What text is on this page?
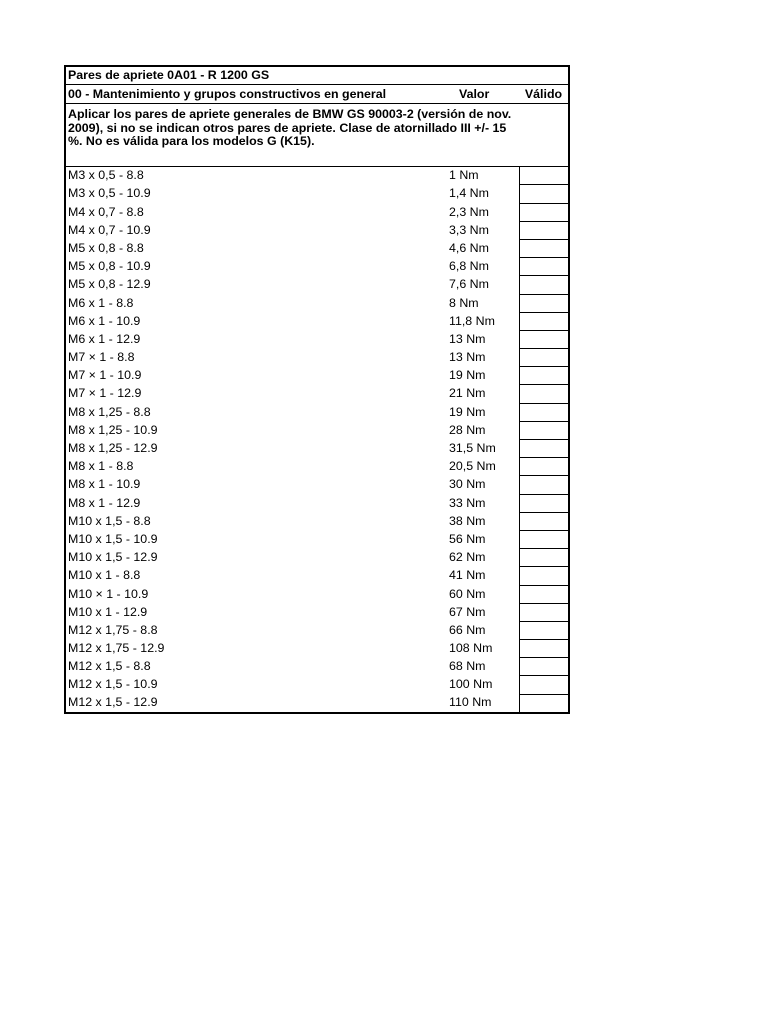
Pares de apriete 0A01 - R 1200 GS		
00 - Mantenimiento y grupos constructivos en general	Valor	Válido
Aplicar los pares de apriete generales de BMW GS 90003-2 (versión de nov. 2009), si no se indican otros pares de apriete. Clase de atornillado III +/- 15 %. No es válida para los modelos G (K15).		
M3 x 0,5 - 8.8	1 Nm	
M3 x 0,5 - 10.9	1,4 Nm	
M4 x 0,7 - 8.8	2,3 Nm	
M4 x 0,7 - 10.9	3,3 Nm	
M5 x 0,8 - 8.8	4,6 Nm	
M5 x 0,8 - 10.9	6,8 Nm	
M5 x 0,8 - 12.9	7,6 Nm	
M6 x 1 - 8.8	8 Nm	
M6 x 1 - 10.9	11,8 Nm	
M6 x 1 - 12.9	13 Nm	
M7 × 1 - 8.8	13 Nm	
M7 × 1 - 10.9	19 Nm	
M7 × 1 - 12.9	21 Nm	
M8 x 1,25 - 8.8	19 Nm	
M8 x 1,25 - 10.9	28 Nm	
M8 x 1,25 - 12.9	31,5 Nm	
M8 x 1 - 8.8	20,5 Nm	
M8 x 1 - 10.9	30 Nm	
M8 x 1 - 12.9	33 Nm	
M10 x 1,5 - 8.8	38 Nm	
M10 x 1,5 - 10.9	56 Nm	
M10 x 1,5 - 12.9	62 Nm	
M10 x 1 - 8.8	41 Nm	
M10 × 1 - 10.9	60 Nm	
M10 x 1 - 12.9	67 Nm	
M12 x 1,75 - 8.8	66 Nm	
M12 x 1,75 - 12.9	108 Nm	
M12 x 1,5 - 8.8	68 Nm	
M12 x 1,5 - 10.9	100 Nm	
M12 x 1,5 - 12.9	110 Nm	
